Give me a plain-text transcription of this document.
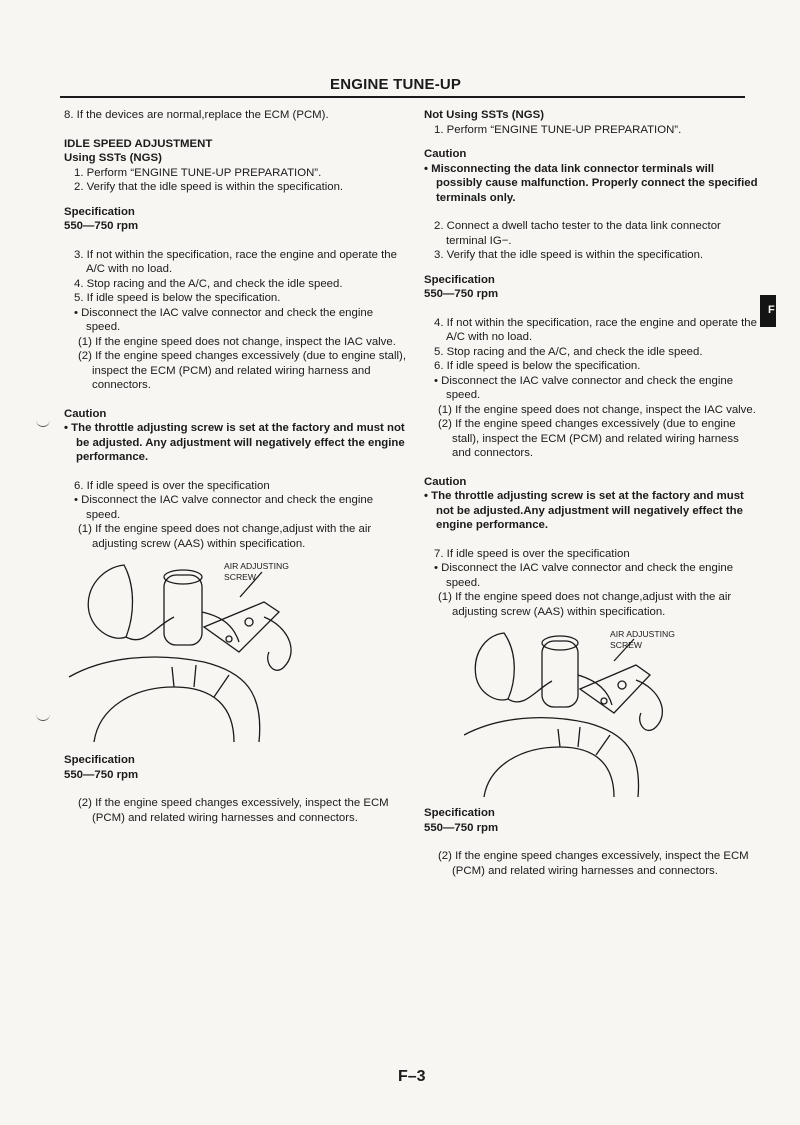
ENGINE TUNE-UP
F

8. If the devices are normal,replace the ECM (PCM).

IDLE SPEED ADJUSTMENT

Using SSTs (NGS)

1. Perform “ENGINE TUNE-UP PREPARATION”.

2. Verify that the idle speed is within the specification.

Specification

550—750 rpm

3. If not within the specification, race the engine and operate the A/C with no load.

4. Stop racing and the A/C, and check the idle speed.

5. If idle speed is below the specification.

• Disconnect the IAC valve connector and check the engine speed.

(1) If the engine speed does not change, inspect the IAC valve.

(2) If the engine speed changes excessively (due to engine stall), inspect the ECM (PCM) and related wiring harness and connectors.

Caution

• The throttle adjusting screw is set at the factory and must not be adjusted. Any adjustment will negatively effect the engine performance.

6. If idle speed is over the specification

• Disconnect the IAC valve connector and check the engine speed.

(1) If the engine speed does not change,adjust with the air adjusting screw (AAS) within specification.

AIR ADJUSTING
SCREW

Specification

550—750 rpm

(2) If the engine speed changes excessively, inspect the ECM (PCM) and related wiring harnesses and connectors.

Not Using SSTs (NGS)

1. Perform “ENGINE TUNE-UP PREPARATION”.

Caution

• Misconnecting the data link connector terminals will possibly cause malfunction. Properly connect the specified terminals only.

2. Connect a dwell tacho tester to the data link connector terminal IG−.

3. Verify that the idle speed is within the specification.

Specification

550—750 rpm

4. If not within the specification, race the engine and operate the A/C with no load.

5. Stop racing and the A/C, and check the idle speed.

6. If idle speed is below the specification.

• Disconnect the IAC valve connector and check the engine speed.

(1) If the engine speed does not change, inspect the IAC valve.

(2) If the engine speed changes excessively (due to engine stall), inspect the ECM (PCM) and related wiring harness and connectors.

Caution

• The throttle adjusting screw is set at the factory and must not be adjusted.Any adjustment will negatively effect the engine performance.

7. If idle speed is over the specification

• Disconnect the IAC valve connector and check the engine speed.

(1) If the engine speed does not change,adjust with the air adjusting screw (AAS) within specification.

AIR ADJUSTING
SCREW

Specification

550—750 rpm

(2) If the engine speed changes excessively, inspect the ECM (PCM) and related wiring harnesses and connectors.

F–3
